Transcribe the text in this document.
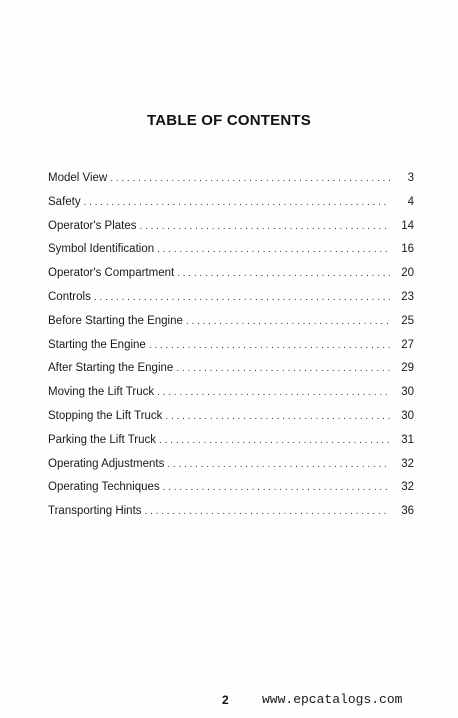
TABLE OF CONTENTS
Model View . . .	3
Safety . . .	4
Operator's Plates . . .	14
Symbol Identification . . .	16
Operator's Compartment . . .	20
Controls . . .	23
Before Starting the Engine . . .	25
Starting the Engine . . .	27
After Starting the Engine . . .	29
Moving the Lift Truck . . .	30
Stopping the Lift Truck . . .	30
Parking the Lift Truck . . .	31
Operating Adjustments . . .	32
Operating Techniques . . .	32
Transporting Hints . . .	36
2	www.epcatalogs.com
